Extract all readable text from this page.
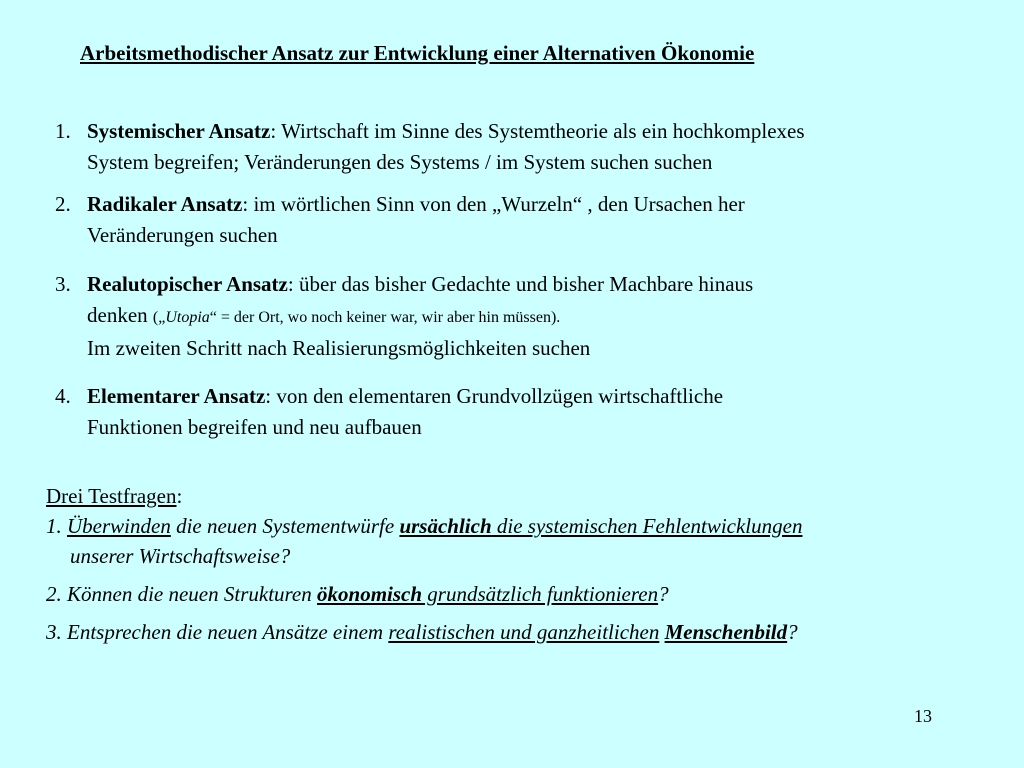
Arbeitsmethodischer Ansatz zur Entwicklung einer Alternativen Ökonomie
1. Systemischer Ansatz: Wirtschaft im Sinne des Systemtheorie als ein hochkomplexes
System begreifen; Veränderungen des Systems / im System suchen suchen
2. Radikaler Ansatz: im wörtlichen Sinn von den „Wurzeln“ , den Ursachen her
Veränderungen suchen
3. Realutopischer Ansatz: über das bisher Gedachte und bisher Machbare hinaus
denken („Utopia“ = der Ort, wo noch keiner war, wir aber hin müssen).
Im zweiten Schritt nach Realisierungsmöglichkeiten suchen
4. Elementarer Ansatz: von den elementaren Grundvollzügen wirtschaftliche
Funktionen begreifen und neu aufbauen
Drei Testfragen:
1. Überwinden die neuen Systementwürfe ursächlich die systemischen Fehlentwicklungen
unserer Wirtschaftsweise?
2. Können die neuen Strukturen ökonomisch grundsätzlich funktionieren?
3. Entsprechen die neuen Ansätze einem realistischen und ganzheitlichen Menschenbild?
13
